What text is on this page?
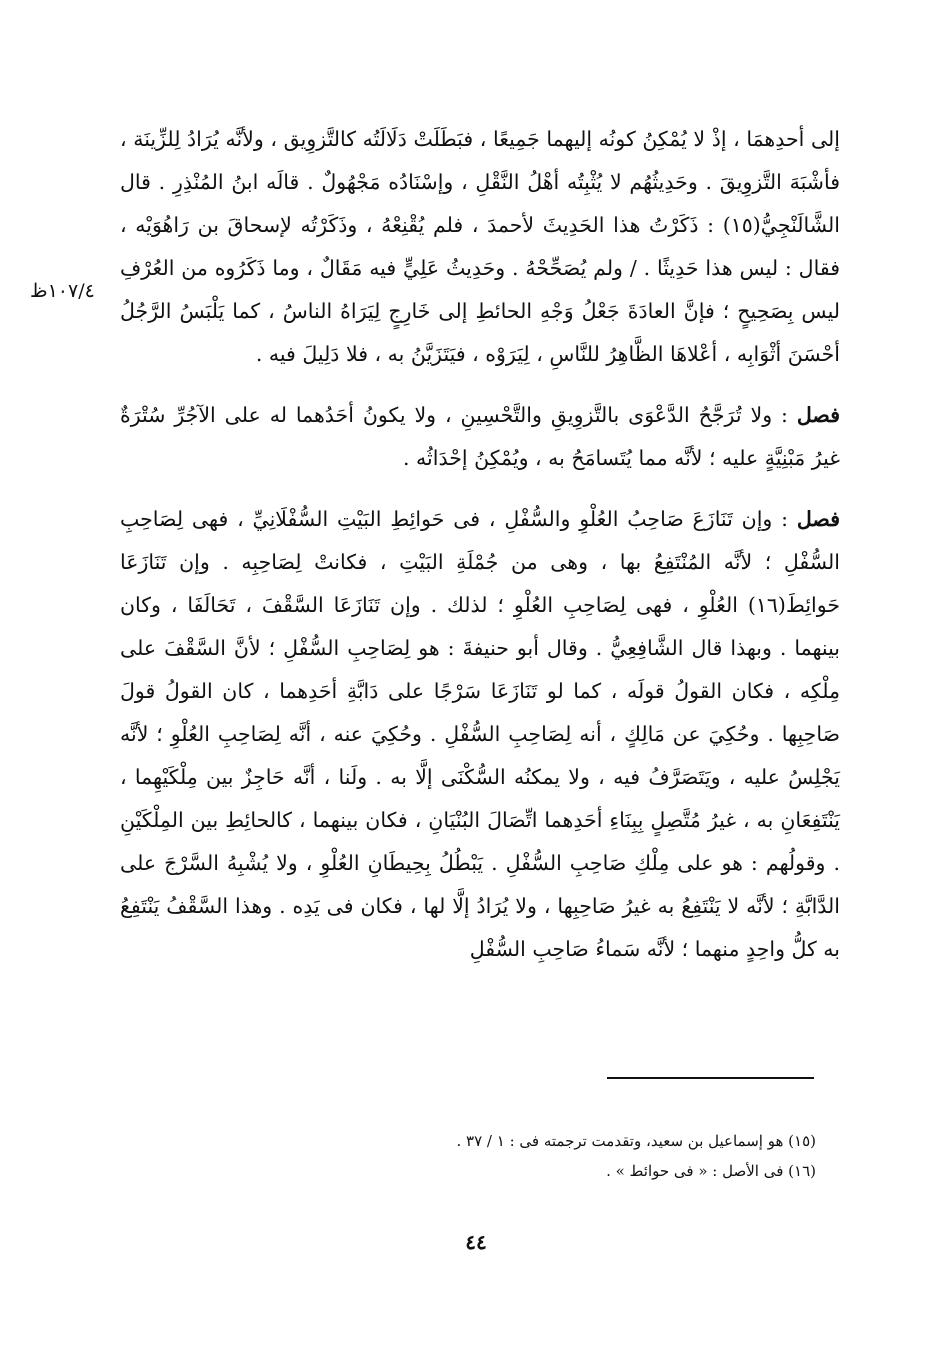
إلى أحدِهمَا ، إذْ لا يُمْكِنُ كونُه إليهما جَمِيعًا ، فبَطَلَتْ دَلَالَتُه كالتَّزوِيق ، ولأنَّه يُرَادُ لِلزِّينَة ، فأشْبَهَ التَّزوِيقَ . وحَدِيثُهُم لا يُثْبِتُه أهْلُ النَّقْلِ ، وإسْنَادُه مَجْهُولٌ . قالَه ابنُ المُنْذِرِ . قال الشَّالَنْجِيُّ(١٥) : ذَكَرْتُ هذا الحَدِيثَ لأحمدَ ، فلم يُقْنِعْهُ ، وذَكَرْتُه لإسحاقَ بن رَاهُوَيْه ، فقال : ليس هذا حَدِيثًا . / ولم يُصَحِّحْهُ . وحَدِيثُ عَلِيٍّ فيه مَقَالٌ ، وما ذَكَرُوه من العُرْفِ ليس بِصَحِيحٍ ؛ فإنَّ العادَةَ جَعْلُ وَجْهِ الحائطِ إلى خَارِجٍ لِيَرَاهُ الناسُ ، كما يَلْبَسُ الرَّجُلُ أحْسَنَ أثْوَابِه ، أعْلاهَا الظَّاهِرُ للنَّاسِ ، لِيَرَوْه ، فيَتَزَيَّنُ به ، فلا دَلِيلَ فيه .

فصل : ولا تُرَجَّحُ الدَّعْوَى بالتَّزوِيقِ والتَّحْسِينِ ، ولا يكونُ أحَدُهما له على الآجُرِّ سُتْرَةٌ غيرُ مَبْنِيَّةٍ عليه ؛ لأنَّه مما يُتَسامَحُ به ، ويُمْكِنُ إحْدَاثُه .

فصل : وإن تَنَازَعَ صَاحِبُ العُلْوِ والسُّفْلِ ، فى حَوائِطِ البَيْتِ السُّفْلَانِيِّ ، فهى لِصَاحِبِ السُّفْلِ ؛ لأنَّه المُنْتَفِعُ بها ، وهى من جُمْلَةِ البَيْتِ ، فكانتْ لِصَاحِبِه . وإن تَنَازَعَا حَوائِطَ(١٦) العُلْوِ ، فهى لِصَاحِبِ العُلْوِ ؛ لذلك . وإن تَنَازَعَا السَّقْفَ ، تَحَالَفَا ، وكان بينهما . وبهذا قال الشَّافِعِيُّ . وقال أبو حنيفةَ : هو لِصَاحِبِ السُّفْلِ ؛ لأنَّ السَّقْفَ على مِلْكِه ، فكان القولُ قولَه ، كما لو تَنَازَعَا سَرْجًا على دَابَّةِ أحَدِهما ، كان القولُ قولَ صَاحِبِها . وحُكِيَ عن مَالِكٍ ، أنه لِصَاحِبِ السُّفْلِ . وحُكِيَ عنه ، أنَّه لِصَاحِبِ العُلْوِ ؛ لأنَّه يَجْلِسُ عليه ، ويَتَصَرَّفُ فيه ، ولا يمكنُه السُّكْنَى إلَّا به . ولَنا ، أنَّه حَاجِزٌ بين مِلْكَيْهِما ، يَنْتَفِعَانِ به ، غيرُ مُتَّصِلٍ بِبِنَاءِ أحَدِهما اتِّصَالَ البُنْيَانِ ، فكان بينهما ، كالحائِطِ بين المِلْكَيْنِ . وقولُهم : هو على مِلْكِ صَاحِبِ السُّفْلِ . يَبْطُلُ بِحِيطَانِ العُلْوِ ، ولا يُشْبِهُ السَّرْجَ على الدَّابَّةِ ؛ لأنَّه لا يَنْتَفِعُ به غيرُ صَاحِبِها ، ولا يُرَادُ إلَّا لها ، فكان فى يَدِه . وهذا السَّقْفُ يَنْتَفِعُ به كلُّ واحِدٍ منهما ؛ لأنَّه سَماءُ صَاحِبِ السُّفْلِ

١٠٧/٤ظ

(١٥) هو إسماعيل بن سعيد، وتقدمت ترجمته فى : ١ / ٣٧ .

(١٦) فى الأصل : « فى حوائط » .

٤٤
